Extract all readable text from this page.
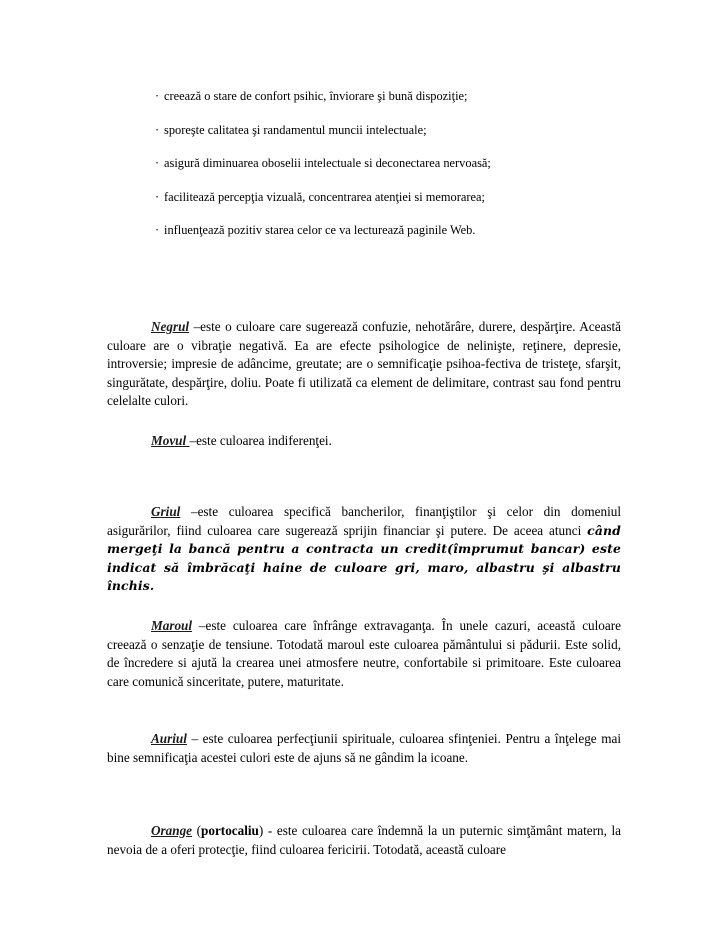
· creează o stare de confort psihic, înviorare şi bună dispoziţie;
· sporeşte calitatea şi randamentul muncii intelectuale;
· asigură diminuarea oboselii intelectuale si deconectarea nervoasă;
· facilitează percepţia vizuală, concentrarea atenţiei si memorarea;
· influenţează pozitiv starea celor ce va lecturează paginile Web.
Negrul –este o culoare care sugerează confuzie, nehotărâre, durere, despărţire. Această culoare are o vibraţie negativă. Ea are efecte psihologice de nelinişte, reţinere, depresie, introversie; impresie de adâncime, greutate; are o semnificaţie psihoa-fectiva de tristeţe, sfarşit, singurătate, despărţire, doliu. Poate fi utilizată ca element de delimitare, contrast sau fond pentru celelalte culori.
Movul –este culoarea indiferenţei.
Griul –este culoarea specifică bancherilor, finanţiştilor şi celor din domeniul asigurărilor, fiind culoarea care sugerează sprijin financiar şi putere. De aceea atunci când mergeţi la bancă pentru a contracta un credit(împrumut bancar) este indicat să îmbrăcaţi haine de culoare gri, maro, albastru şi albastru închis.
Maroul –este culoarea care înfrânge extravaganţa. În unele cazuri, această culoare creează o senzaţie de tensiune. Totodată maroul este culoarea pământului si pădurii. Este solid, de încredere si ajută la crearea unei atmosfere neutre, confortabile si primitoare. Este culoarea care comunică sinceritate, putere, maturitate.
Auriul – este culoarea perfecţiunii spirituale, culoarea sfinţeniei. Pentru a înţelege mai bine semnificaţia acestei culori este de ajuns să ne gândim la icoane.
Orange (portocaliu) - este culoarea care îndemnă la un puternic simţământ matern, la nevoia de a oferi protecţie, fiind culoarea fericirii. Totodată, această culoare
